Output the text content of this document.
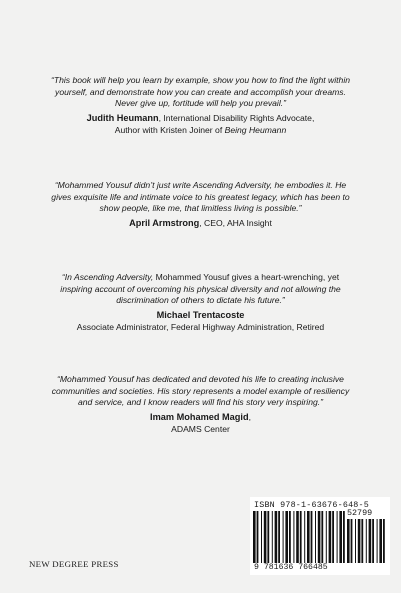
“This book will help you learn by example, show you how to find the light within
yourself, and demonstrate how you can create and accomplish your dreams.
Never give up, fortitude will help you prevail.”
Judith Heumann, International Disability Rights Advocate,
Author with Kristen Joiner of Being Heumann
“Mohammed Yousuf didn’t just write Ascending Adversity, he embodies it. He
gives exquisite life and intimate voice to his greatest legacy, which has been to
show people, like me, that limitless living is possible.”
April Armstrong, CEO, AHA Insight
“In Ascending Adversity, Mohammed Yousuf gives a heart-wrenching, yet
inspiring account of overcoming his physical diversity and not allowing the
discrimination of others to dictate his future.”
Michael Trentacoste
Associate Administrator, Federal Highway Administration, Retired
“Mohammed Yousuf has dedicated and devoted his life to creating inclusive
communities and societies. His story represents a model example of resiliency
and service, and I know readers will find his story very inspiring.”
Imam Mohamed Magid,
ADAMS Center
NEW DEGREE PRESS
ISBN 978-1-63676-648-5
52799
9 781636 766485
